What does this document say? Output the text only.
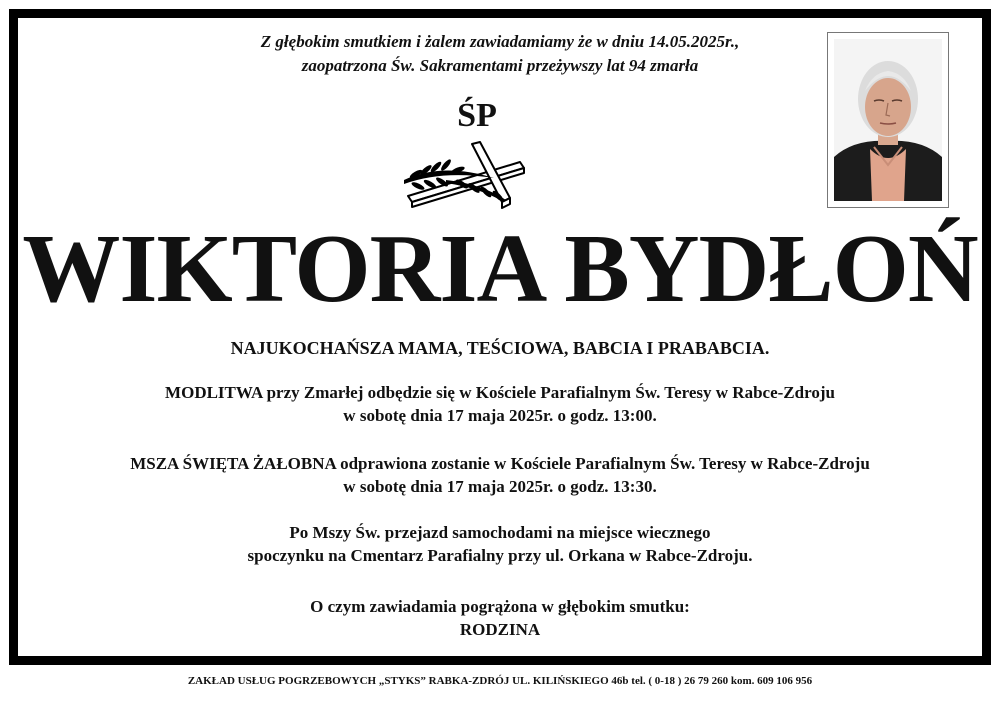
Z głębokim smutkiem i żalem zawiadamiamy że w dniu 14.05.2025r.,
zaopatrzona Św. Sakramentami przeżywszy lat 94 zmarła
ŚP
WIKTORIA BYDŁOŃ
NAJUKOCHAŃSZA MAMA, TEŚCIOWA, BABCIA I PRABABCIA.
MODLITWA przy Zmarłej odbędzie się w Kościele Parafialnym Św. Teresy w Rabce-Zdroju
w sobotę dnia 17 maja 2025r. o godz. 13:00.
MSZA ŚWIĘTA ŻAŁOBNA odprawiona zostanie w Kościele Parafialnym Św. Teresy w Rabce-Zdroju
w sobotę dnia 17 maja 2025r. o godz. 13:30.
Po Mszy Św. przejazd samochodami na miejsce wiecznego
spoczynku na Cmentarz Parafialny przy ul. Orkana w Rabce-Zdroju.
O czym zawiadamia pogrążona w głębokim smutku:
RODZINA
ZAKŁAD USŁUG POGRZEBOWYCH „STYKS” RABKA-ZDRÓJ UL. KILIŃSKIEGO 46b tel. ( 0-18 ) 26 79 260 kom. 609 106 956
